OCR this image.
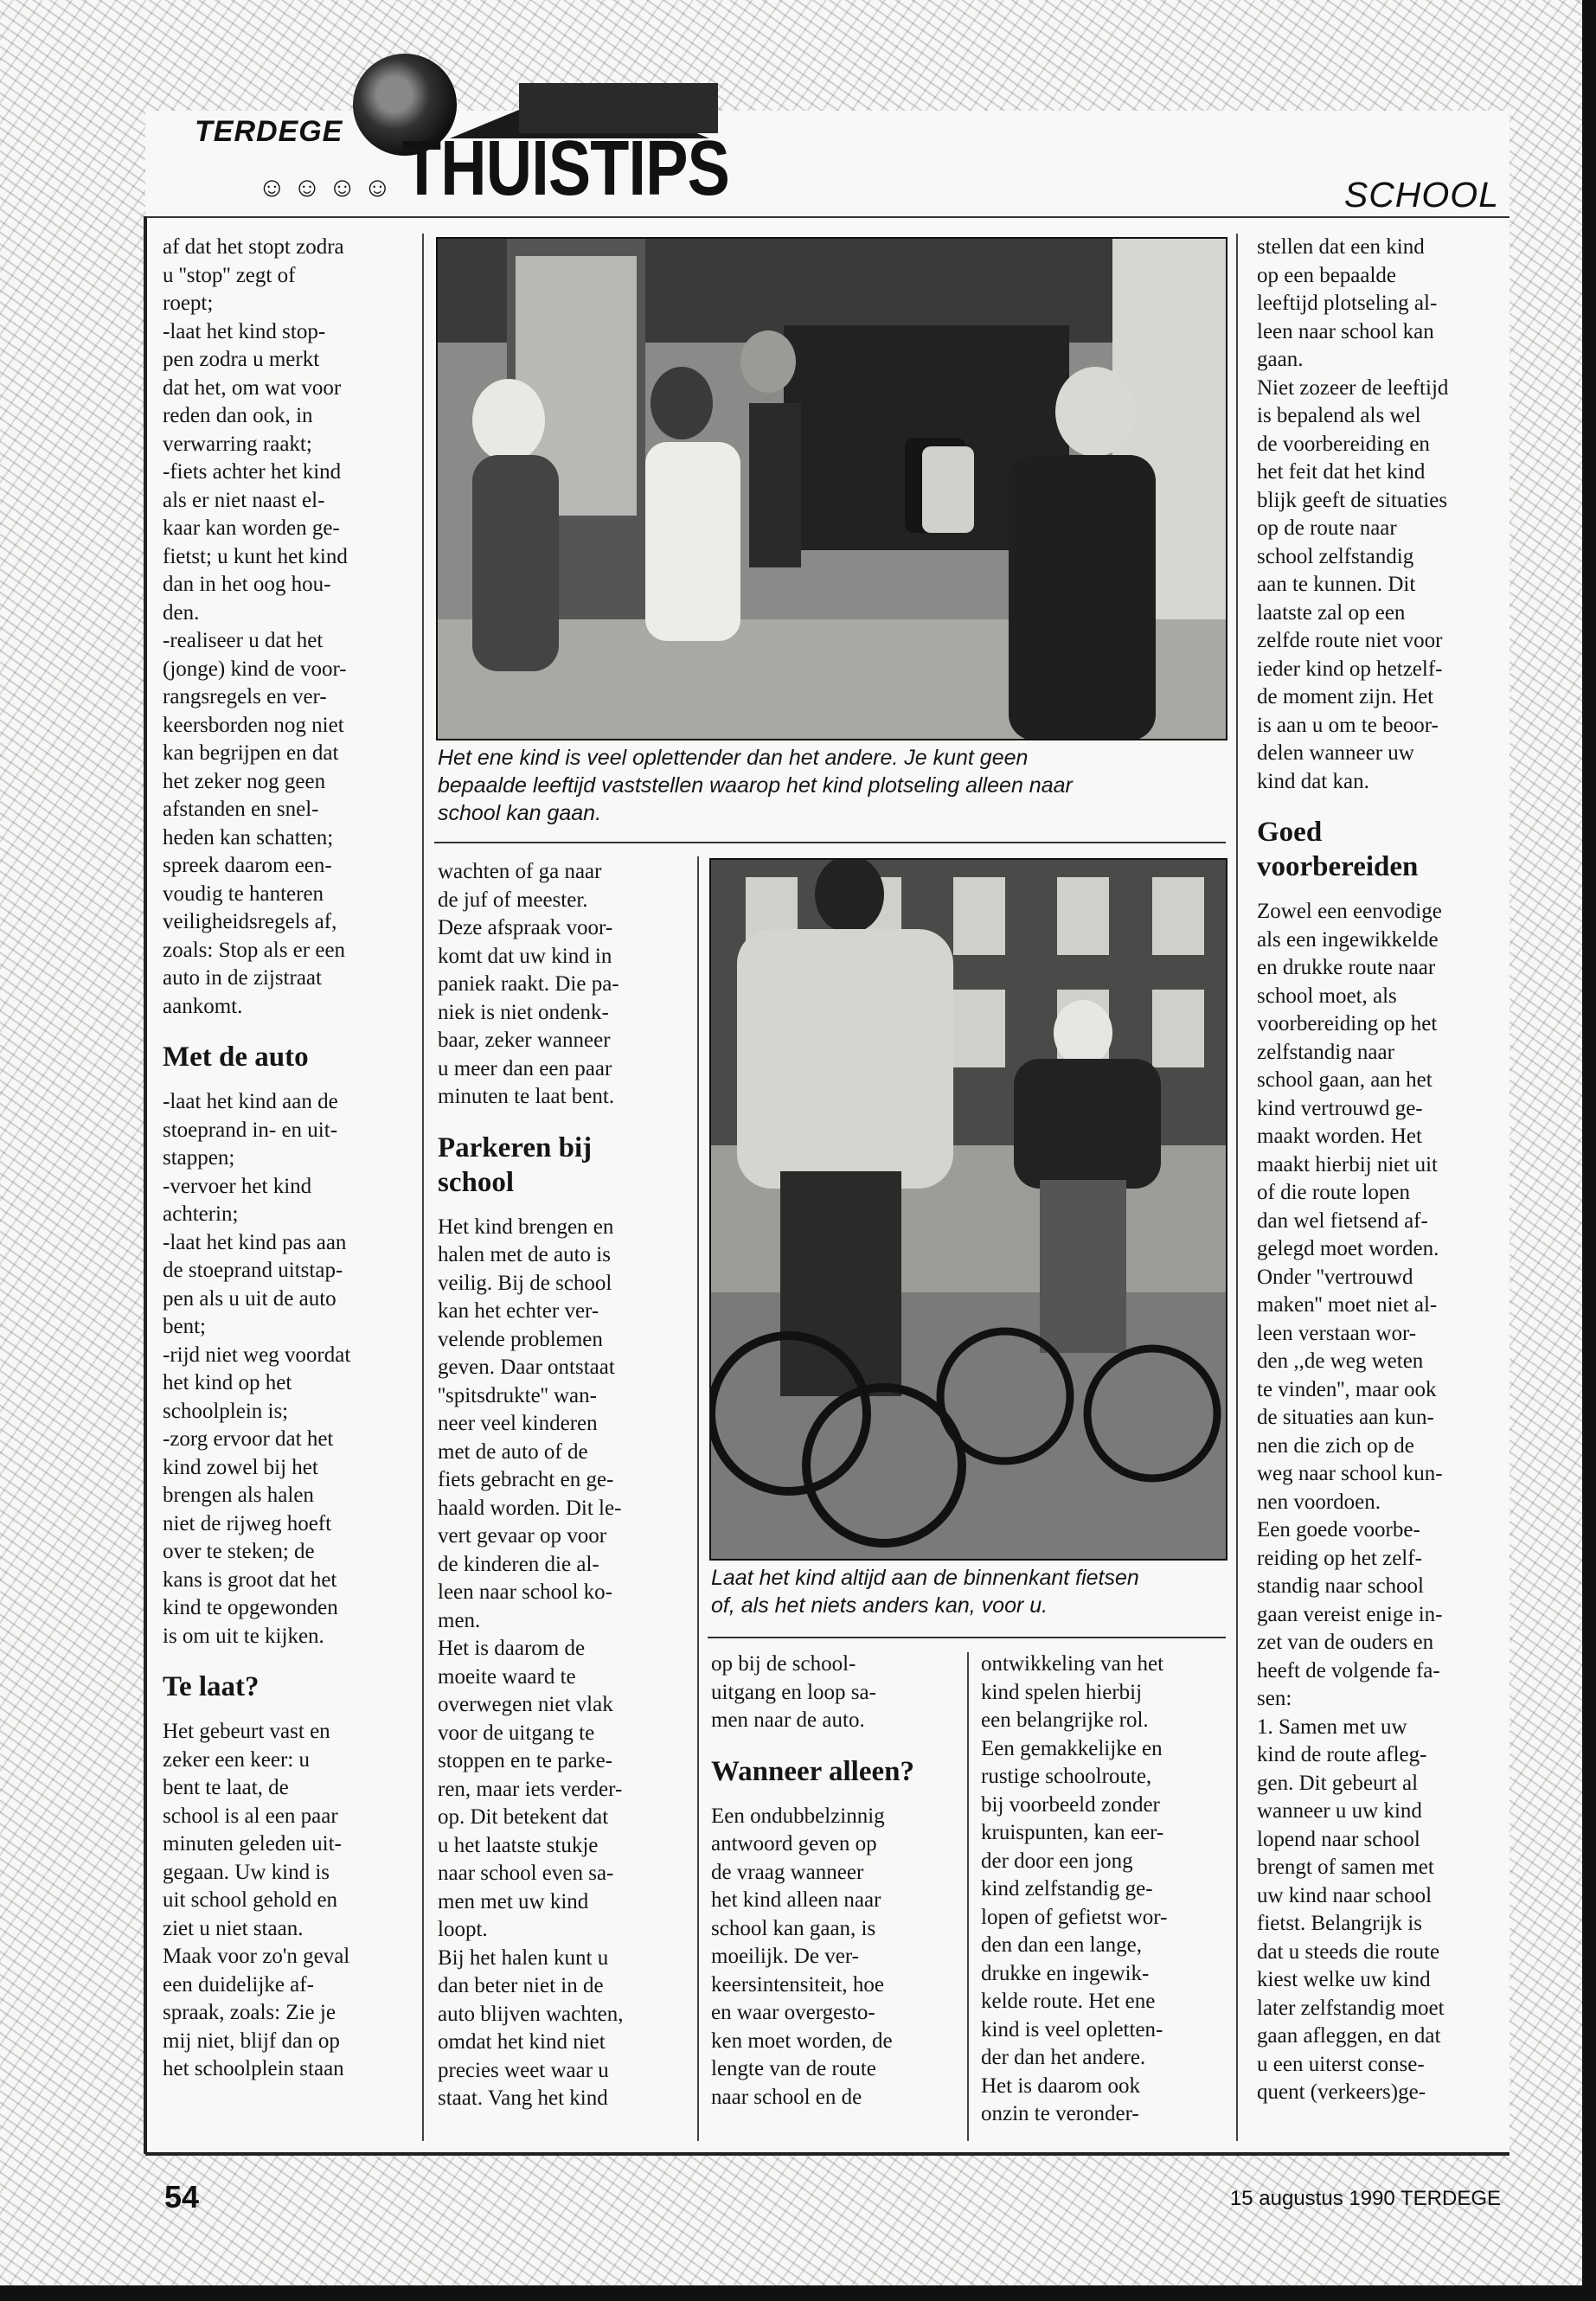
TERDEGE
☺ ☺ ☺ ☺ THUISTIPS	SCHOOL

af dat het stopt zodra
u ''stop'' zegt of
roept;
-laat het kind stop-
pen zodra u merkt
dat het, om wat voor
reden dan ook, in
verwarring raakt;
-fiets achter het kind
als er niet naast el-
kaar kan worden ge-
fietst; u kunt het kind
dan in het oog hou-
den.
-realiseer u dat het
(jonge) kind de voor-
rangsregels en ver-
keersborden nog niet
kan begrijpen en dat
het zeker nog geen
afstanden en snel-
heden kan schatten;
spreek daarom een-
voudig te hanteren
veiligheidsregels af,
zoals: Stop als er een
auto in de zijstraat
aankomt.

Met de auto

-laat het kind aan de
stoeprand in- en uit-
stappen;
-vervoer het kind
achterin;
-laat het kind pas aan
de stoeprand uitstap-
pen als u uit de auto
bent;
-rijd niet weg voordat
het kind op het
schoolplein is;
-zorg ervoor dat het
kind zowel bij het
brengen als halen
niet de rijweg hoeft
over te steken; de
kans is groot dat het
kind te opgewonden
is om uit te kijken.

Te laat?

Het gebeurt vast en
zeker een keer: u
bent te laat, de
school is al een paar
minuten geleden uit-
gegaan. Uw kind is
uit school gehold en
ziet u niet staan.
Maak voor zo'n geval
een duidelijke af-
spraak, zoals: Zie je
mij niet, blijf dan op
het schoolplein staan

Het ene kind is veel oplettender dan het andere. Je kunt geen
bepaalde leeftijd vaststellen waarop het kind plotseling alleen naar
school kan gaan.

wachten of ga naar
de juf of meester.
Deze afspraak voor-
komt dat uw kind in
paniek raakt. Die pa-
niek is niet ondenk-
baar, zeker wanneer
u meer dan een paar
minuten te laat bent.

Parkeren bij
school

Het kind brengen en
halen met de auto is
veilig. Bij de school
kan het echter ver-
velende problemen
geven. Daar ontstaat
''spitsdrukte'' wan-
neer veel kinderen
met de auto of de
fiets gebracht en ge-
haald worden. Dit le-
vert gevaar op voor
de kinderen die al-
leen naar school ko-
men.
Het is daarom de
moeite waard te
overwegen niet vlak
voor de uitgang te
stoppen en te parke-
ren, maar iets verder-
op. Dit betekent dat
u het laatste stukje
naar school even sa-
men met uw kind
loopt.
Bij het halen kunt u
dan beter niet in de
auto blijven wachten,
omdat het kind niet
precies weet waar u
staat. Vang het kind

Laat het kind altijd aan de binnenkant fietsen
of, als het niets anders kan, voor u.

op bij de school-
uitgang en loop sa-
men naar de auto.

Wanneer alleen?

Een ondubbelzinnig
antwoord geven op
de vraag wanneer
het kind alleen naar
school kan gaan, is
moeilijk. De ver-
keersintensiteit, hoe
en waar overgesto-
ken moet worden, de
lengte van de route
naar school en de

ontwikkeling van het
kind spelen hierbij
een belangrijke rol.
Een gemakkelijke en
rustige schoolroute,
bij voorbeeld zonder
kruispunten, kan eer-
der door een jong
kind zelfstandig ge-
lopen of gefietst wor-
den dan een lange,
drukke en ingewik-
kelde route. Het ene
kind is veel opletten-
der dan het andere.
Het is daarom ook
onzin te veronder-

stellen dat een kind
op een bepaalde
leeftijd plotseling al-
leen naar school kan
gaan.
Niet zozeer de leeftijd
is bepalend als wel
de voorbereiding en
het feit dat het kind
blijk geeft de situaties
op de route naar
school zelfstandig
aan te kunnen. Dit
laatste zal op een
zelfde route niet voor
ieder kind op hetzelf-
de moment zijn. Het
is aan u om te beoor-
delen wanneer uw
kind dat kan.

Goed
voorbereiden

Zowel een eenvodige
als een ingewikkelde
en drukke route naar
school moet, als
voorbereiding op het
zelfstandig naar
school gaan, aan het
kind vertrouwd ge-
maakt worden. Het
maakt hierbij niet uit
of die route lopen
dan wel fietsend af-
gelegd moet worden.
Onder ''vertrouwd
maken'' moet niet al-
leen verstaan wor-
den ,,de weg weten
te vinden'', maar ook
de situaties aan kun-
nen die zich op de
weg naar school kun-
nen voordoen.
Een goede voorbe-
reiding op het zelf-
standig naar school
gaan vereist enige in-
zet van de ouders en
heeft de volgende fa-
sen:
1. Samen met uw
kind de route afleg-
gen. Dit gebeurt al
wanneer u uw kind
lopend naar school
brengt of samen met
uw kind naar school
fietst. Belangrijk is
dat u steeds die route
kiest welke uw kind
later zelfstandig moet
gaan afleggen, en dat
u een uiterst conse-
quent (verkeers)ge-

54	15 augustus 1990 TERDEGE
